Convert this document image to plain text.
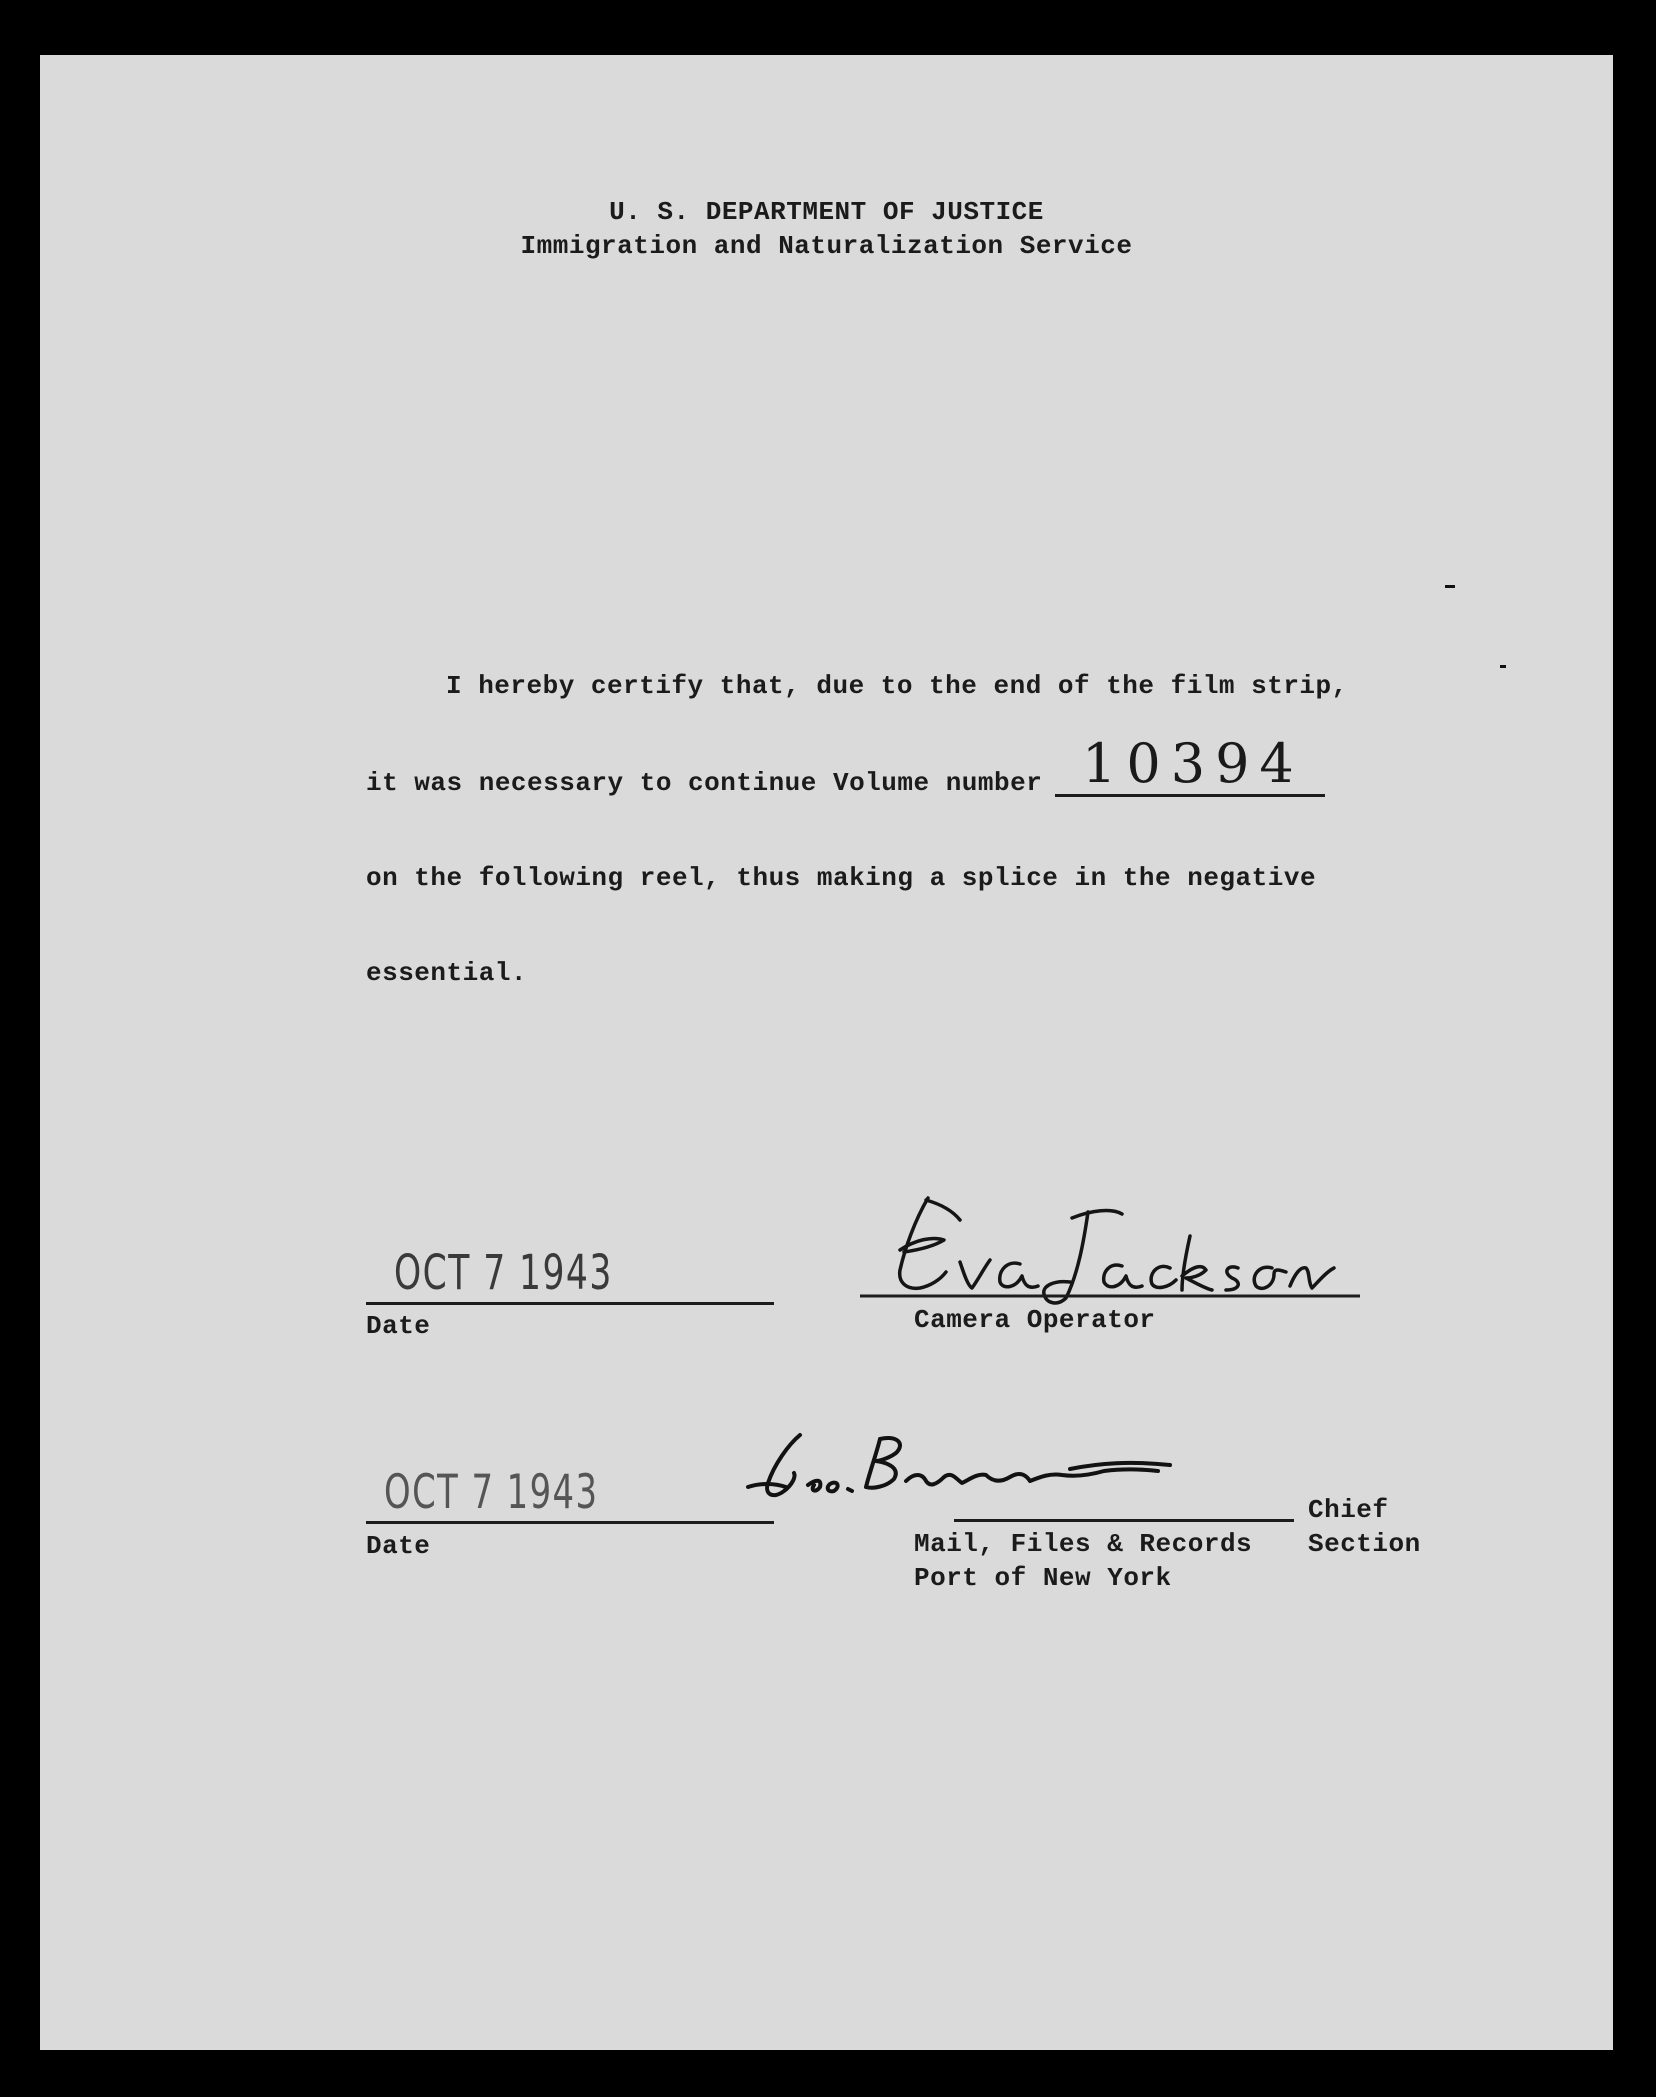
U. S. DEPARTMENT OF JUSTICE
Immigration and Naturalization Service
I hereby certify that, due to the end of the film strip,
it was necessary to continue Volume number 10394
on the following reel, thus making a splice in the negative
essential.
OCT 7 1943
Date	Camera Operator
OCT 7 1943
Date
Chief
Mail, Files & Records Section
Port of New York
